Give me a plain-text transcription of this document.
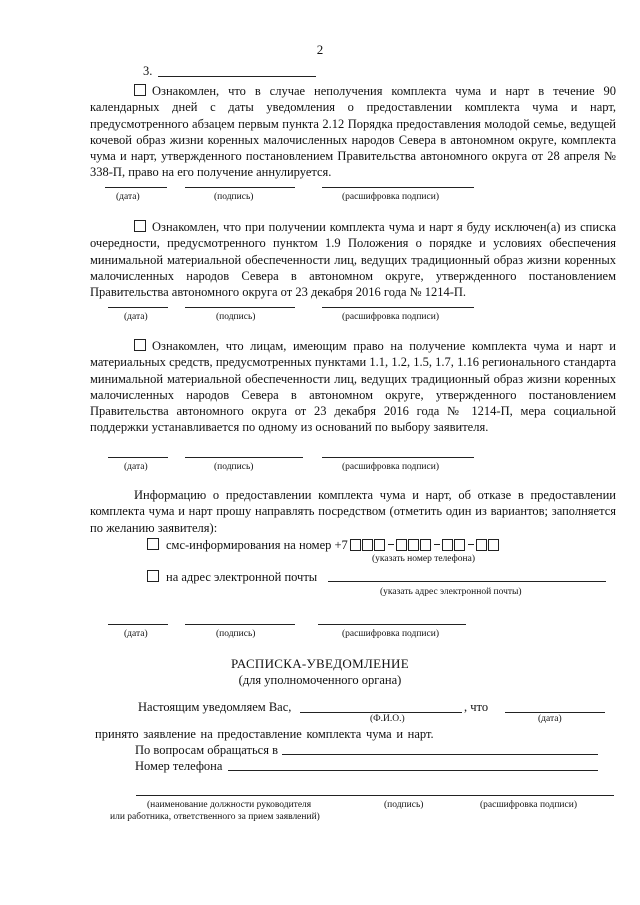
2
3.
Ознакомлен, что в случае неполучения комплекта чума и нарт в течение 90 календарных дней с даты уведомления о предоставлении комплекта чума и нарт, предусмотренного абзацем первым пункта 2.12 Порядка предоставления молодой семье, ведущей кочевой образ жизни коренных малочисленных народов Севера в автономном округе, комплекта чума и нарт, утвержденного постановлением Правительства автономного округа от 28 апреля № 338-П, право на его получение аннулируется.
(дата)	(подпись)	(расшифровка подписи)
Ознакомлен, что при получении комплекта чума и нарт я буду исключен(а) из списка очередности, предусмотренного пунктом 1.9 Положения о порядке и условиях обеспечения минимальной материальной обеспеченности лиц, ведущих традиционный образ жизни коренных малочисленных народов Севера в автономном округе, утвержденного постановлением Правительства автономного округа от 23 декабря 2016 года № 1214-П.
(дата)	(подпись)	(расшифровка подписи)
Ознакомлен, что лицам, имеющим право на получение комплекта чума и нарт и материальных средств, предусмотренных пунктами 1.1, 1.2, 1.5, 1.7, 1.16 регионального стандарта минимальной материальной обеспеченности лиц, ведущих традиционный образ жизни коренных малочисленных народов Севера в автономном округе, утвержденного постановлением Правительства автономного округа от 23 декабря 2016 года № 1214-П, мера социальной поддержки устанавливается по одному из оснований по выбору заявителя.
(дата)	(подпись)	(расшифровка подписи)
Информацию о предоставлении комплекта чума и нарт, об отказе в предоставлении комплекта чума и нарт прошу направлять посредством (отметить один из вариантов; заполняется по желанию заявителя):
смс-информирования на номер +7
(указать номер телефона)
на адрес электронной почты
(указать адрес электронной почты)
(дата)	(подпись)	(расшифровка подписи)
РАСПИСКА-УВЕДОМЛЕНИЕ
(для уполномоченного органа)
Настоящим уведомляем Вас,	, что
(Ф.И.О.)	(дата)
принято заявление на предоставление комплекта чума и нарт.
По вопросам обращаться в
Номер телефона
(наименование должности руководителя
или работника, ответственного за прием заявлений)
(подпись)	(расшифровка подписи)
